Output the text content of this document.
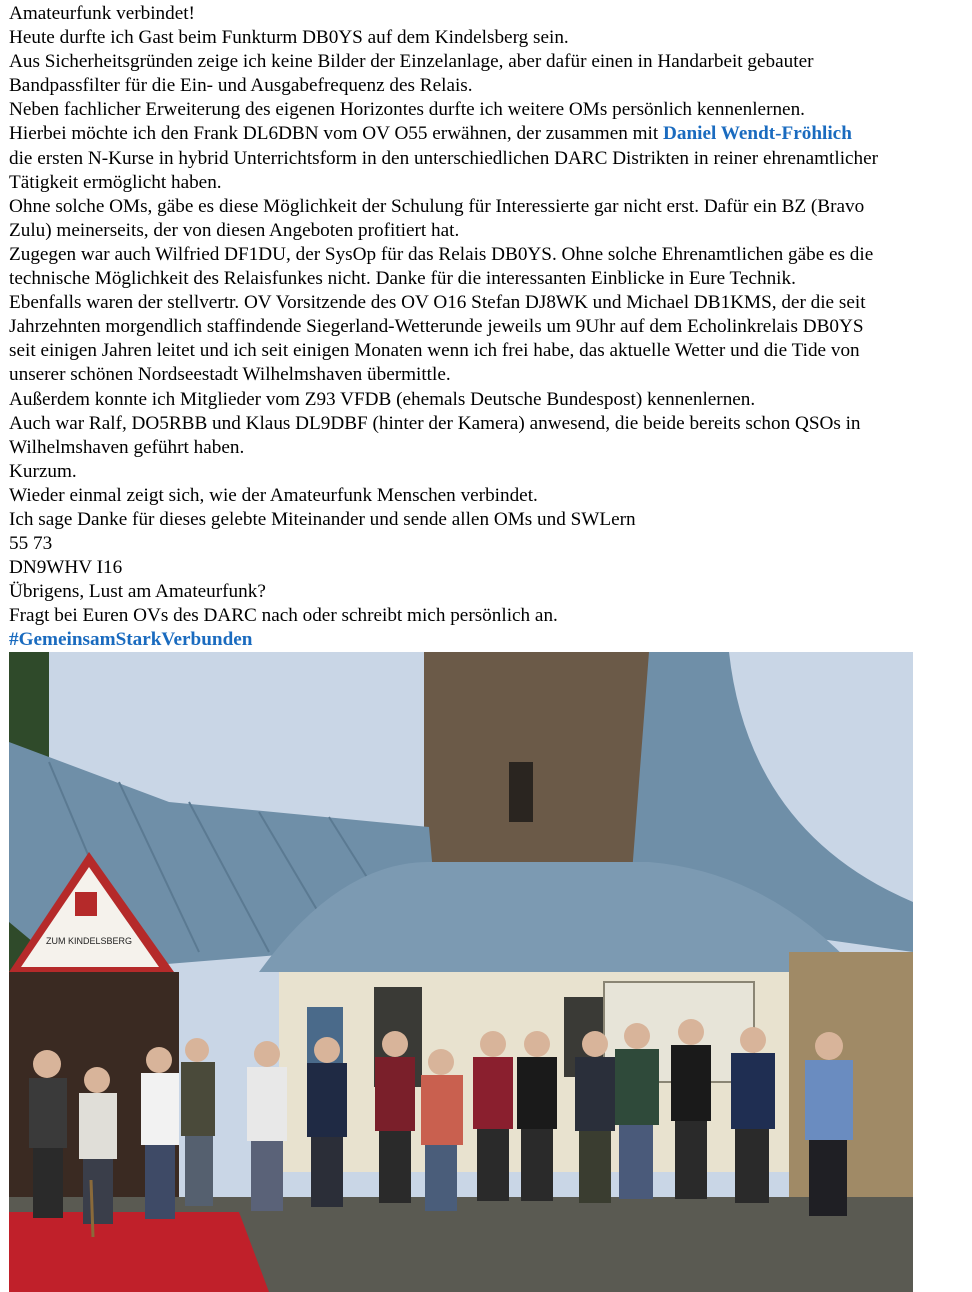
Amateurfunk verbindet!
Heute durfte ich Gast beim Funkturm DB0YS auf dem Kindelsberg sein.
Aus Sicherheitsgründen zeige ich keine Bilder der Einzelanlage, aber dafür einen in Handarbeit gebauter
Bandpassfilter für die Ein- und Ausgabefrequenz des Relais.
Neben fachlicher Erweiterung des eigenen Horizontes durfte ich weitere OMs persönlich kennenlernen.
Hierbei möchte ich den Frank DL6DBN vom OV O55 erwähnen, der zusammen mit Daniel Wendt-Fröhlich
die ersten N-Kurse in hybrid Unterrichtsform in den unterschiedlichen DARC Distrikten in reiner ehrenamtlicher
Tätigkeit ermöglicht haben.
Ohne solche OMs, gäbe es diese Möglichkeit der Schulung für Interessierte gar nicht erst. Dafür ein BZ (Bravo
Zulu) meinerseits, der von diesen Angeboten profitiert hat.
Zugegen war auch Wilfried DF1DU, der SysOp für das Relais DB0YS. Ohne solche Ehrenamtlichen gäbe es die
technische Möglichkeit des Relaisfunkes nicht. Danke für die interessanten Einblicke in Eure Technik.
Ebenfalls waren der stellvertr. OV Vorsitzende des OV O16 Stefan DJ8WK und Michael DB1KMS, der die seit
Jahrzehnten morgendlich staffindende Siegerland-Wetterunde jeweils um 9Uhr auf dem Echolinkrelais DB0YS
seit einigen Jahren leitet und ich seit einigen Monaten wenn ich frei habe, das aktuelle Wetter und die Tide von
unserer schönen Nordseestadt Wilhelmshaven übermittle.
Außerdem konnte ich Mitglieder vom Z93 VFDB (ehemals Deutsche Bundespost) kennenlernen.
Auch war Ralf, DO5RBB und Klaus DL9DBF (hinter der Kamera) anwesend, die beide bereits schon QSOs in
Wilhelmshaven geführt haben.
Kurzum.
Wieder einmal zeigt sich, wie der Amateurfunk Menschen verbindet.
Ich sage Danke für dieses gelebte Miteinander und sende allen OMs und SWLern
55 73
DN9WHV I16
Übrigens, Lust am Amateurfunk?
Fragt bei Euren OVs des DARC nach oder schreibt mich persönlich an.
#GemeinsamStarkVerbunden
ZUM KINDELSBERG
